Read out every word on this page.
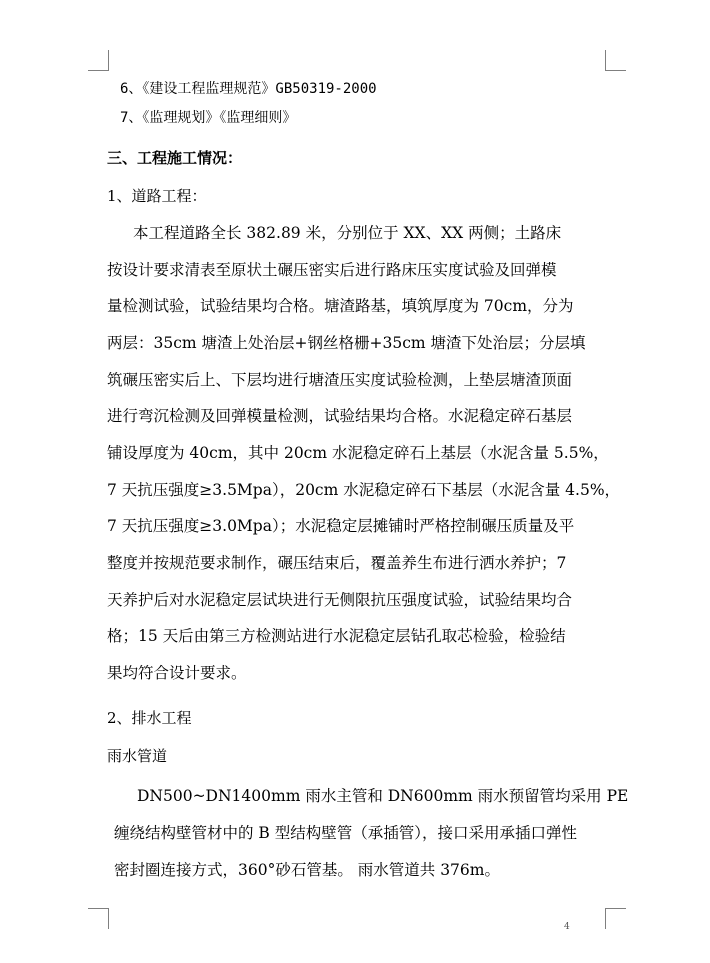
6、《建设工程监理规范》GB50319-2000
7、《监理规划》《监理细则》
三、工程施工情况：
1、道路工程：
本工程道路全长 382.89 米，分别位于 XX、XX 两侧；土路床
按设计要求清表至原状土碾压密实后进行路床压实度试验及回弹模
量检测试验，试验结果均合格。塘渣路基，填筑厚度为 70cm，分为
两层：35cm 塘渣上处治层+钢丝格栅+35cm 塘渣下处治层；分层填
筑碾压密实后上、下层均进行塘渣压实度试验检测，上垫层塘渣顶面
进行弯沉检测及回弹模量检测，试验结果均合格。水泥稳定碎石基层
铺设厚度为 40cm，其中 20cm 水泥稳定碎石上基层（水泥含量 5.5%，
7 天抗压强度≥3.5Mpa），20cm 水泥稳定碎石下基层（水泥含量 4.5%，
7 天抗压强度≥3.0Mpa）；水泥稳定层摊铺时严格控制碾压质量及平
整度并按规范要求制作，碾压结束后，覆盖养生布进行洒水养护；7
天养护后对水泥稳定层试块进行无侧限抗压强度试验，试验结果均合
格；15 天后由第三方检测站进行水泥稳定层钻孔取芯检验，检验结
果均符合设计要求。
2、排水工程
雨水管道
DN500~DN1400mm 雨水主管和 DN600mm 雨水预留管均采用 PE
缠绕结构壁管材中的 B 型结构壁管（承插管），接口采用承插口弹性
密封圈连接方式，360°砂石管基。 雨水管道共 376m。
4
